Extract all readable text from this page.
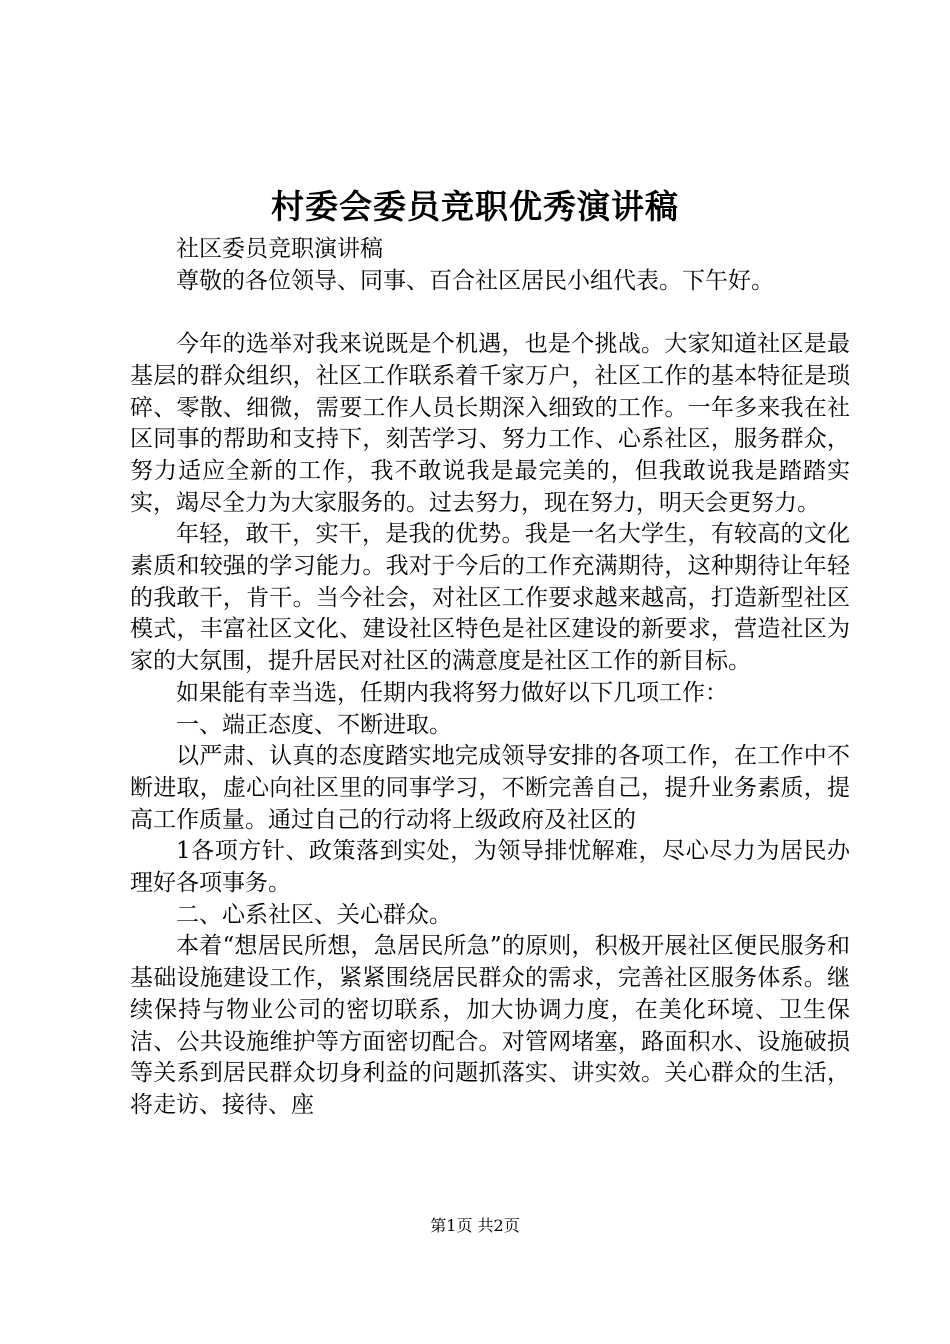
村委会委员竞职优秀演讲稿

社区委员竞职演讲稿

尊敬的各位领导、同事、百合社区居民小组代表。下午好。

今年的选举对我来说既是个机遇，也是个挑战。大家知道社区是最基层的群众组织，社区工作联系着千家万户，社区工作的基本特征是琐碎、零散、细微，需要工作人员长期深入细致的工作。一年多来我在社区同事的帮助和支持下，刻苦学习、努力工作、心系社区，服务群众，努力适应全新的工作，我不敢说我是最完美的，但我敢说我是踏踏实实，竭尽全力为大家服务的。过去努力，现在努力，明天会更努力。

年轻，敢干，实干，是我的优势。我是一名大学生，有较高的文化素质和较强的学习能力。我对于今后的工作充满期待，这种期待让年轻的我敢干，肯干。当今社会，对社区工作要求越来越高，打造新型社区模式，丰富社区文化、建设社区特色是社区建设的新要求，营造社区为家的大氛围，提升居民对社区的满意度是社区工作的新目标。

如果能有幸当选，任期内我将努力做好以下几项工作：

一、端正态度、不断进取。

以严肃、认真的态度踏实地完成领导安排的各项工作，在工作中不断进取，虚心向社区里的同事学习，不断完善自己，提升业务素质，提高工作质量。通过自己的行动将上级政府及社区的

1各项方针、政策落到实处，为领导排忧解难，尽心尽力为居民办理好各项事务。

二、心系社区、关心群众。

本着“想居民所想，急居民所急”的原则，积极开展社区便民服务和基础设施建设工作，紧紧围绕居民群众的需求，完善社区服务体系。继续保持与物业公司的密切联系，加大协调力度，在美化环境、卫生保洁、公共设施维护等方面密切配合。对管网堵塞，路面积水、设施破损等关系到居民群众切身利益的问题抓落实、讲实效。关心群众的生活，将走访、接待、座

第1页 共2页
